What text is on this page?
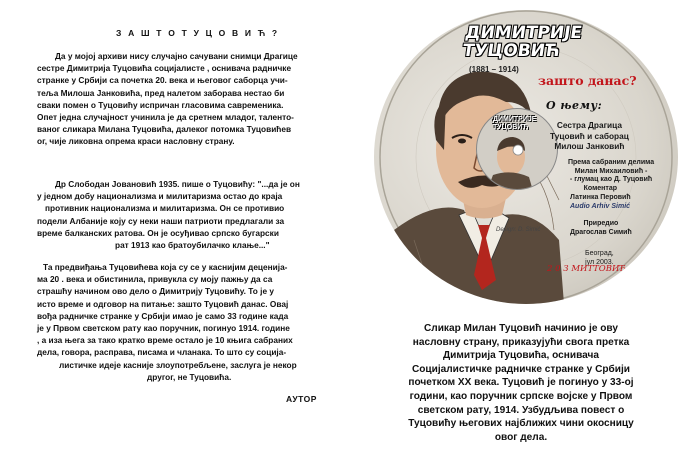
З А Ш Т О Т У Ц О В И Ћ ?
Да у мојој архиви нису случајно сачувани снимци Драгице
сестре Димитрија Туцовића социјалисте , оснивача радничке
странке у Србији са почетка 20. века и његовог саборца учи-
теља Милоша Јанковића, пред налетом заборава нестао би
сваки помен о Туцовићу испричан гласовима савременика.
Опет једна случајност учинила је да сретнем младог, таленто-
ваног сликара Милана Туцовића, далеког потомка Туцовићев
ог, чије ликовна опрема краси насловну страну.
Др Слободан Јовановић 1935. пише о Туцовићу: "...да је он
у једном добу национализма и милитаризма остао до краја
противник национализма и милитаризма. Он се противио
подели Албаније коју су неки наши патриоти предлагали за
време балканских ратова. Он је осуђивао српско бугарски
рат 1913 као братоубилачко клање..."
Та предвиђања Туцовићева која су се у каснијим деценија-
ма 20 . века и обистинила, привукла су мојy пажњу да са
страшћу начином ово дело о Димитрију Туцовићу. То је у
исто време и одговор на питање: зашто Туцовић данас. Овај
вођа радничке странке у Србији имао је само 33 године када
је у Првом светском рату као поручник, погинуо 1914. године
, а иза њега за тако кратко време остало је 10 књига сабраних
дела, говора, расправа, писама и чланака. То што су соција-
листичке идеје касније злоупотребљене, заслуга је некор
другог, не Туцовића.
АУТОР
ДИМИТРИЈЕ
ТУЦОВИЋ
(1881 – 1914)
зашто данас?
О њему:
ДИМИТРИЈЕ
ТУЦОВИЋ	Сестра Драгица
Туцовић и саборац
Милош Јанковић
Према сабраним делима
Милан Михаиловић -
- глумац као Д. Туцовић
Коментар
Латинка Перовић
Audio Arhiv Simić
Приредио
Драгослав Симић
Београд,
јул 2003.
Design: D. Simić
2 0 3 МИТТОВИЋ
Сликар Милан Туцовић начинио је ову
насловну страну, приказујући свога претка
Димитрија Туцовића, оснивача
Социјалистичке радничке странке у Србији
почетком XX века. Туцовић је погинуо у 33-ој
години, као поручник српске војске у Првом
светском рату, 1914. Узбудљива повест о
Туцовићу његових најближих чини окосницу
овог дела.
